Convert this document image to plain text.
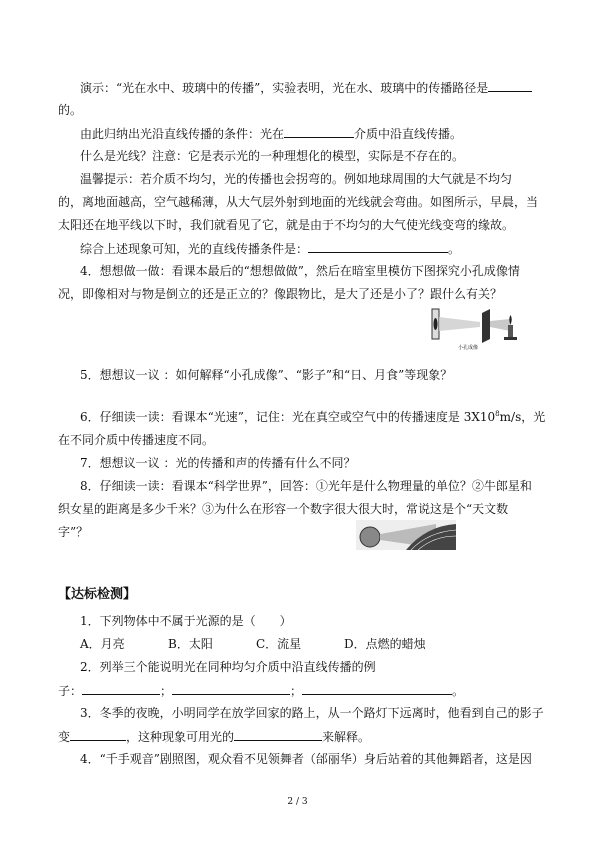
演示：“光在水中、玻璃中的传播”，实验表明，光在水、玻璃中的传播路径是
的。
由此归纳出光沿直线传播的条件：光在	介质中沿直线传播。
什么是光线？注意：它是表示光的一种理想化的模型，实际是不存在的。
温馨提示：若介质不均匀，光的传播也会拐弯的。例如地球周围的大气就是不均匀
的，离地面越高，空气越稀薄，从大气层外射到地面的光线就会弯曲。如图所示，早晨，当
太阳还在地平线以下时，我们就看见了它，就是由于不均匀的大气使光线变弯的缘故。
综合上述现象可知，光的直线传播条件是：	。
4．想想做一做：看课本最后的“想想做做”，然后在暗室里模仿下图探究小孔成像情
况，即像相对与物是倒立的还是正立的？像跟物比，是大了还是小了？跟什么有关？
小孔成像
5．想想议一议 ：如何解释“小孔成像”、“影子”和“日、月食”等现象？
6．仔细读一读：看课本“光速”，记住：光在真空或空气中的传播速度是 $3X10^8m/s$，光
在不同介质中传播速度不同。
7．想想议一议 ：光的传播和声的传播有什么不同？
8．仔细读一读：看课本“科学世界”，回答：①光年是什么物理量的单位？②牛郎星和
织女星的距离是多少千米？③为什么在形容一个数字很大很大时，常说这是个“天文数
字”？
【达标检测】
1．下列物体中不属于光源的是（　　）
A．月亮	B．太阳	C．流星	D．点燃的蜡烛
2．列举三个能说明光在同种均匀介质中沿直线传播的例
子：	；	；	。
3．冬季的夜晚，小明同学在放学回家的路上，从一个路灯下远离时，他看到自己的影子
变	，这种现象可用光的	来解释。
4．“千手观音”剧照图，观众看不见领舞者（邰丽华）身后站着的其他舞蹈者，这是因
2 / 3
